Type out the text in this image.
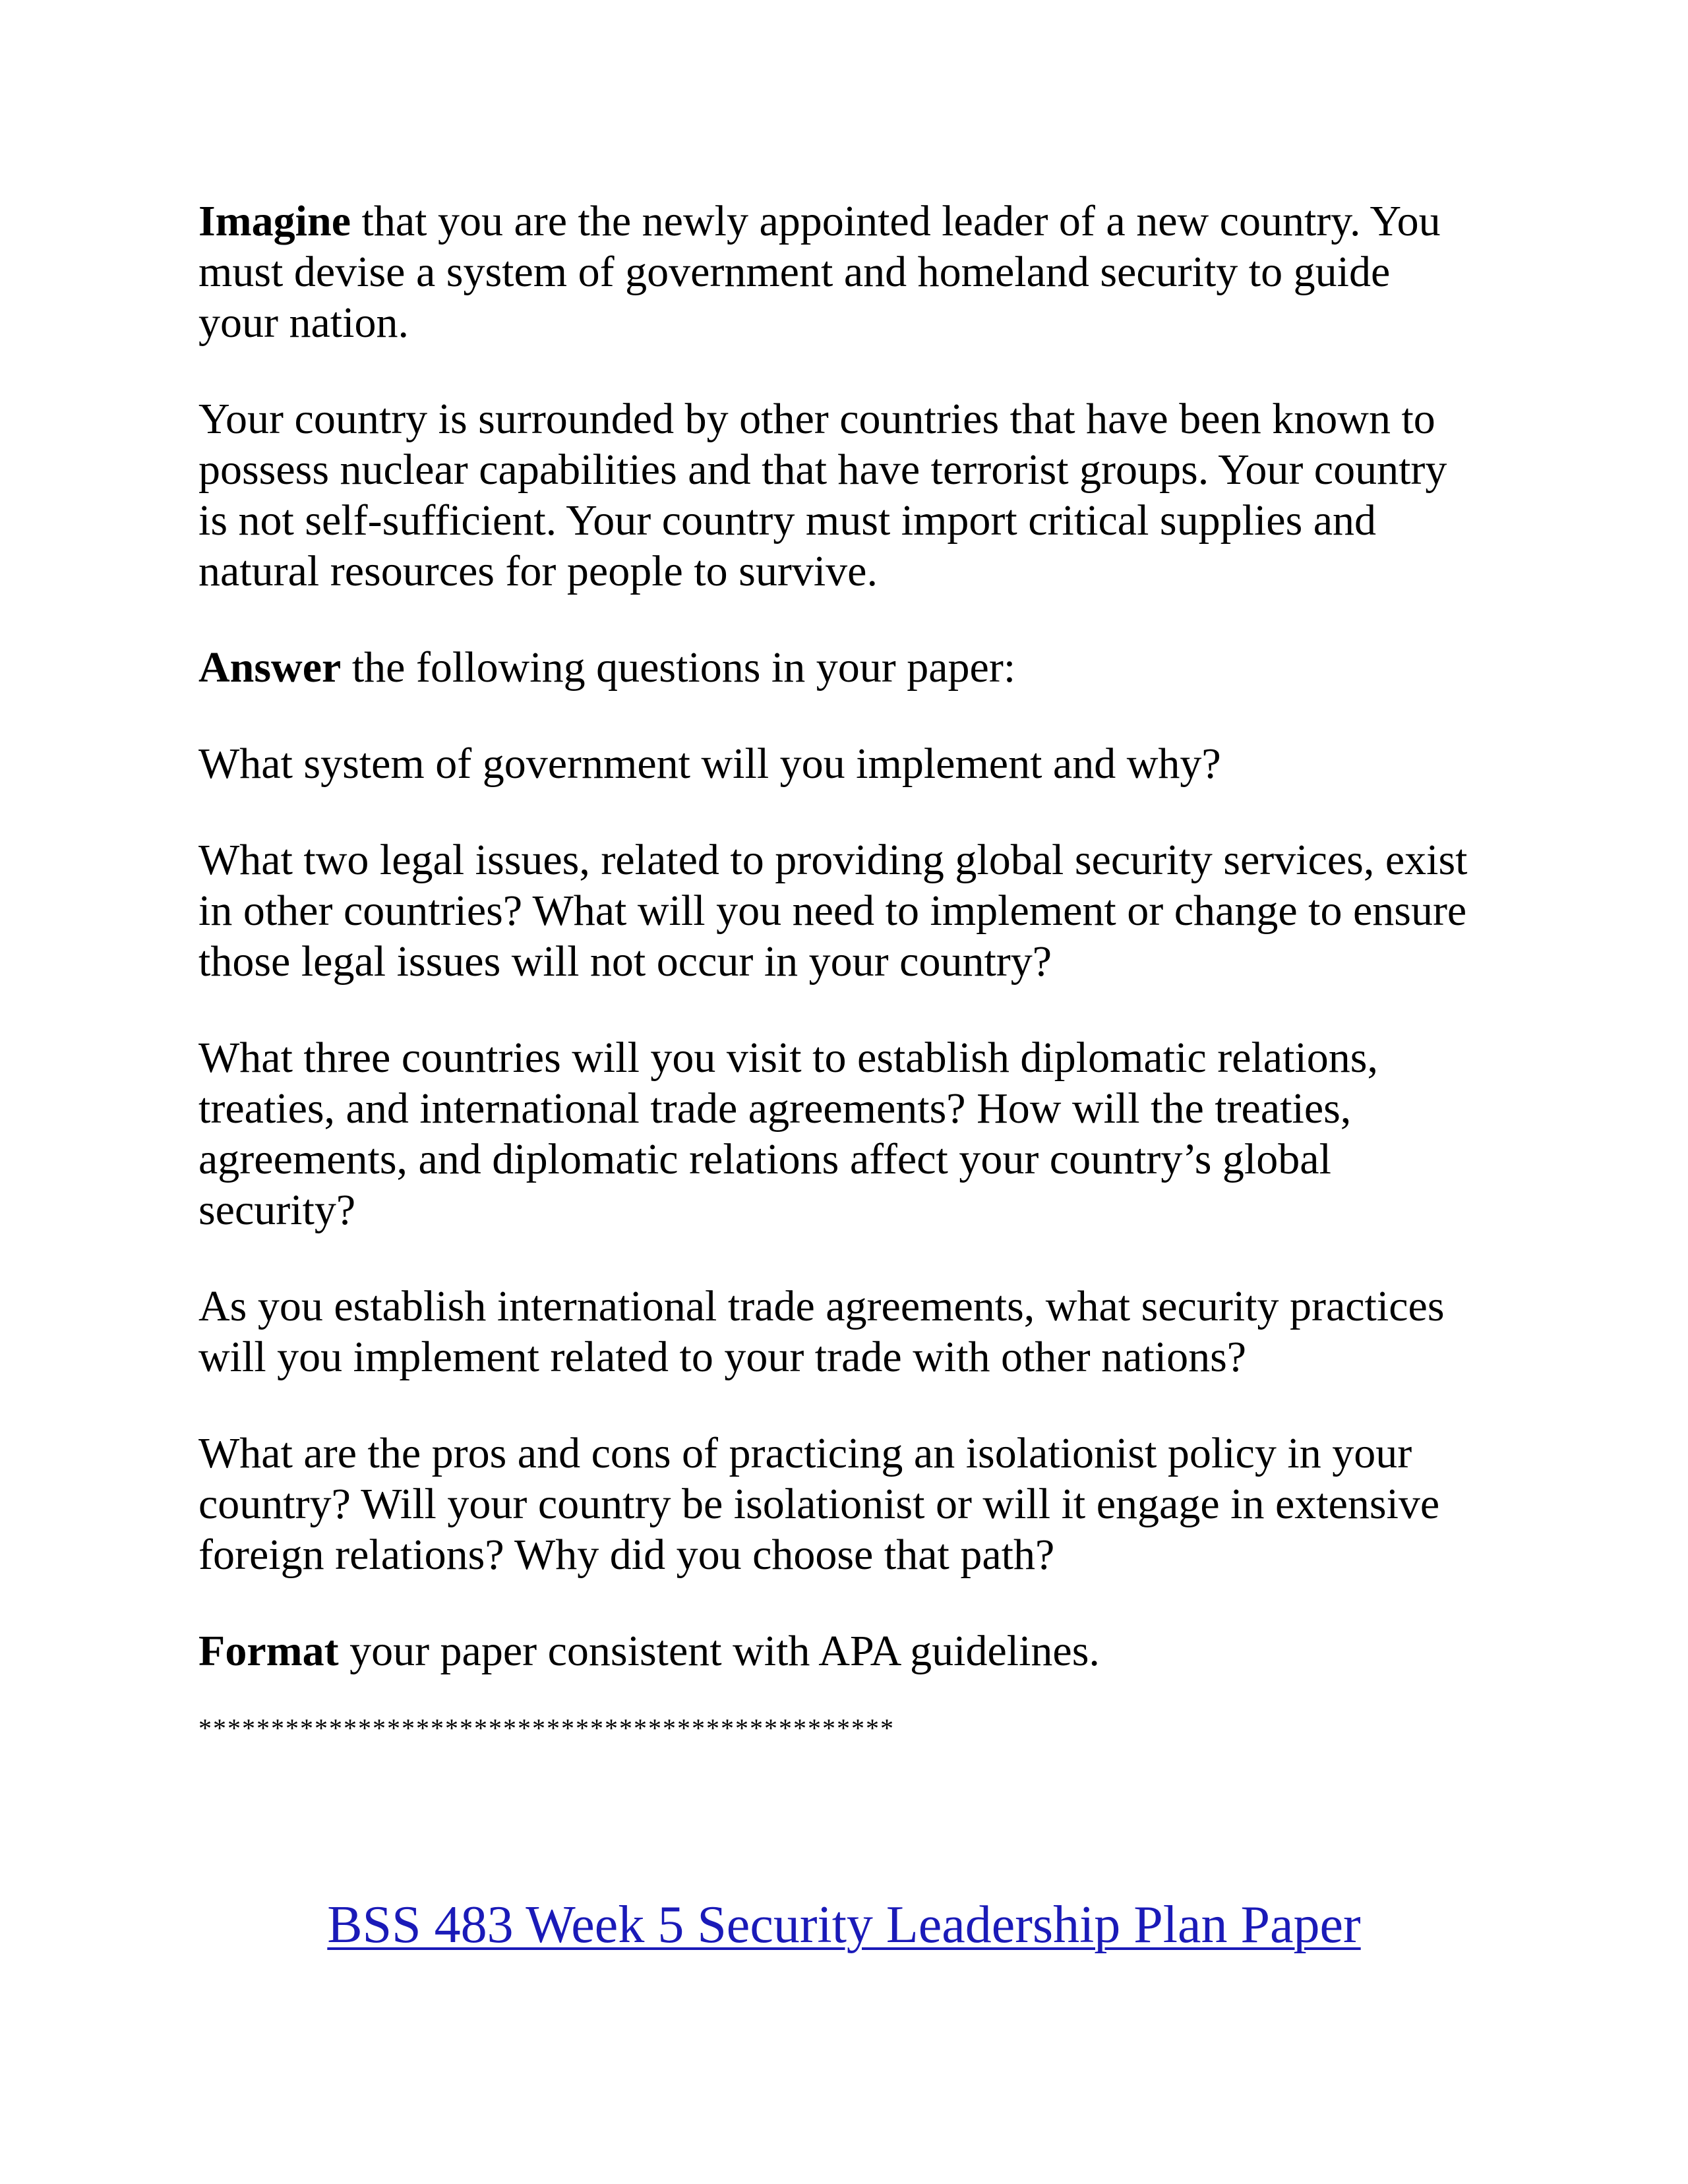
Imagine that you are the newly appointed leader of a new country. You
must devise a system of government and homeland security to guide
your nation.

Your country is surrounded by other countries that have been known to
possess nuclear capabilities and that have terrorist groups. Your country
is not self-sufficient. Your country must import critical supplies and
natural resources for people to survive.

Answer the following questions in your paper:

What system of government will you implement and why?

What two legal issues, related to providing global security services, exist
in other countries? What will you need to implement or change to ensure
those legal issues will not occur in your country?

What three countries will you visit to establish diplomatic relations,
treaties, and international trade agreements? How will the treaties,
agreements, and diplomatic relations affect your country’s global
security?

As you establish international trade agreements, what security practices
will you implement related to your trade with other nations?

What are the pros and cons of practicing an isolationist policy in your
country? Will your country be isolationist or will it engage in extensive
foreign relations? Why did you choose that path?

Format your paper consistent with APA guidelines.

************************************************
BSS 483 Week 5 Security Leadership Plan Paper
